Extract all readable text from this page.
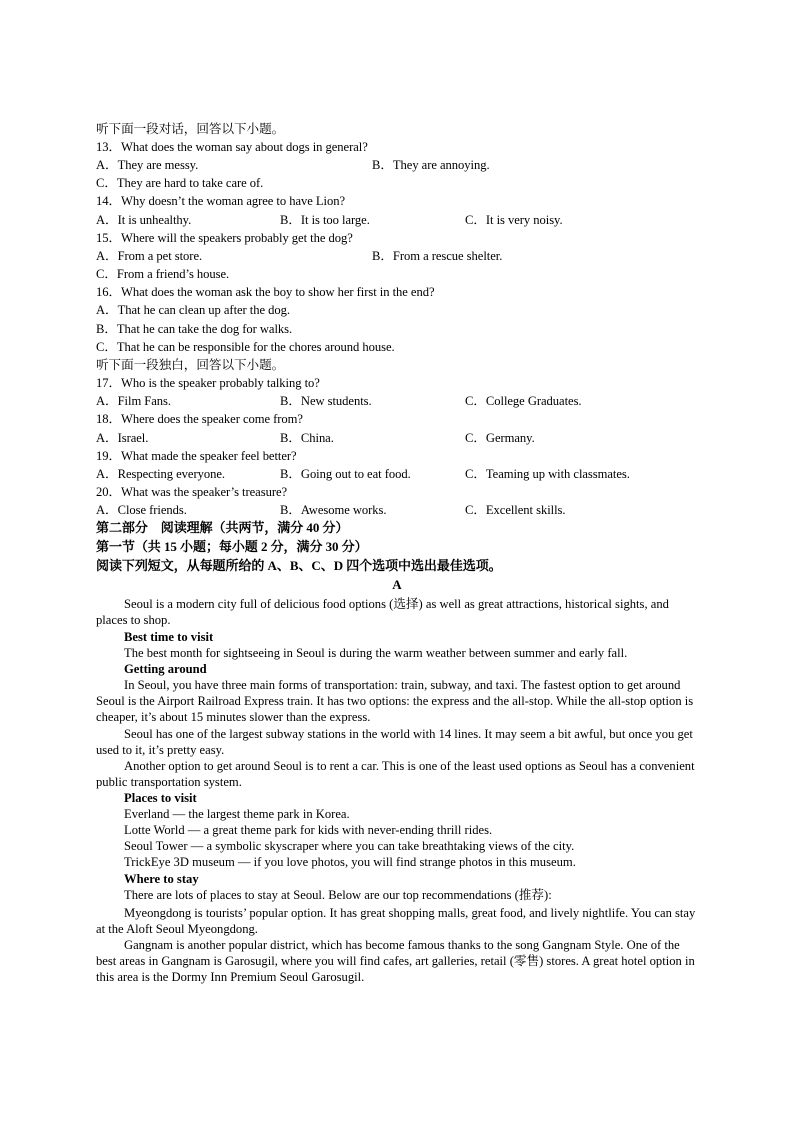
听下面一段对话，回答以下小题。
13．What does the woman say about dogs in general?
A．They are messy.	B．They are annoying.
C．They are hard to take care of.
14．Why doesn’t the woman agree to have Lion?
A．It is unhealthy.	B．It is too large.	C．It is very noisy.
15．Where will the speakers probably get the dog?
A．From a pet store.	B．From a rescue shelter.
C．From a friend’s house.
16．What does the woman ask the boy to show her first in the end?
A．That he can clean up after the dog.
B．That he can take the dog for walks.
C．That he can be responsible for the chores around house.
听下面一段独白，回答以下小题。
17．Who is the speaker probably talking to?
A．Film Fans.	B．New students.	C．College Graduates.
18．Where does the speaker come from?
A．Israel.	B．China.	C．Germany.
19．What made the speaker feel better?
A．Respecting everyone.	B．Going out to eat food.	C．Teaming up with classmates.
20．What was the speaker’s treasure?
A．Close friends.	B．Awesome works.	C．Excellent skills.
第二部分　阅读理解（共两节，满分 40 分）
第一节（共 15 小题；每小题 2 分，满分 30 分）
阅读下列短文，从每题所给的 A、B、C、D 四个选项中选出最佳选项。
A
Seoul is a modern city full of delicious food options (选择) as well as great attractions, historical sights, and places to shop.
Best time to visit
The best month for sightseeing in Seoul is during the warm weather between summer and early fall.
Getting around
In Seoul, you have three main forms of transportation: train, subway, and taxi. The fastest option to get around Seoul is the Airport Railroad Express train. It has two options: the express and the all-stop. While the all-stop option is cheaper, it’s about 15 minutes slower than the express.
Seoul has one of the largest subway stations in the world with 14 lines. It may seem a bit awful, but once you get used to it, it’s pretty easy.
Another option to get around Seoul is to rent a car. This is one of the least used options as Seoul has a convenient public transportation system.
Places to visit
Everland — the largest theme park in Korea.
Lotte World — a great theme park for kids with never-ending thrill rides.
Seoul Tower — a symbolic skyscraper where you can take breathtaking views of the city.
TrickEye 3D museum — if you love photos, you will find strange photos in this museum.
Where to stay
There are lots of places to stay at Seoul. Below are our top recommendations (推荐):
Myeongdong is tourists’ popular option. It has great shopping malls, great food, and lively nightlife. You can stay at the Aloft Seoul Myeongdong.
Gangnam is another popular district, which has become famous thanks to the song Gangnam Style. One of the best areas in Gangnam is Garosugil, where you will find cafes, art galleries, retail (零售) stores. A great hotel option in this area is the Dormy Inn Premium Seoul Garosugil.
